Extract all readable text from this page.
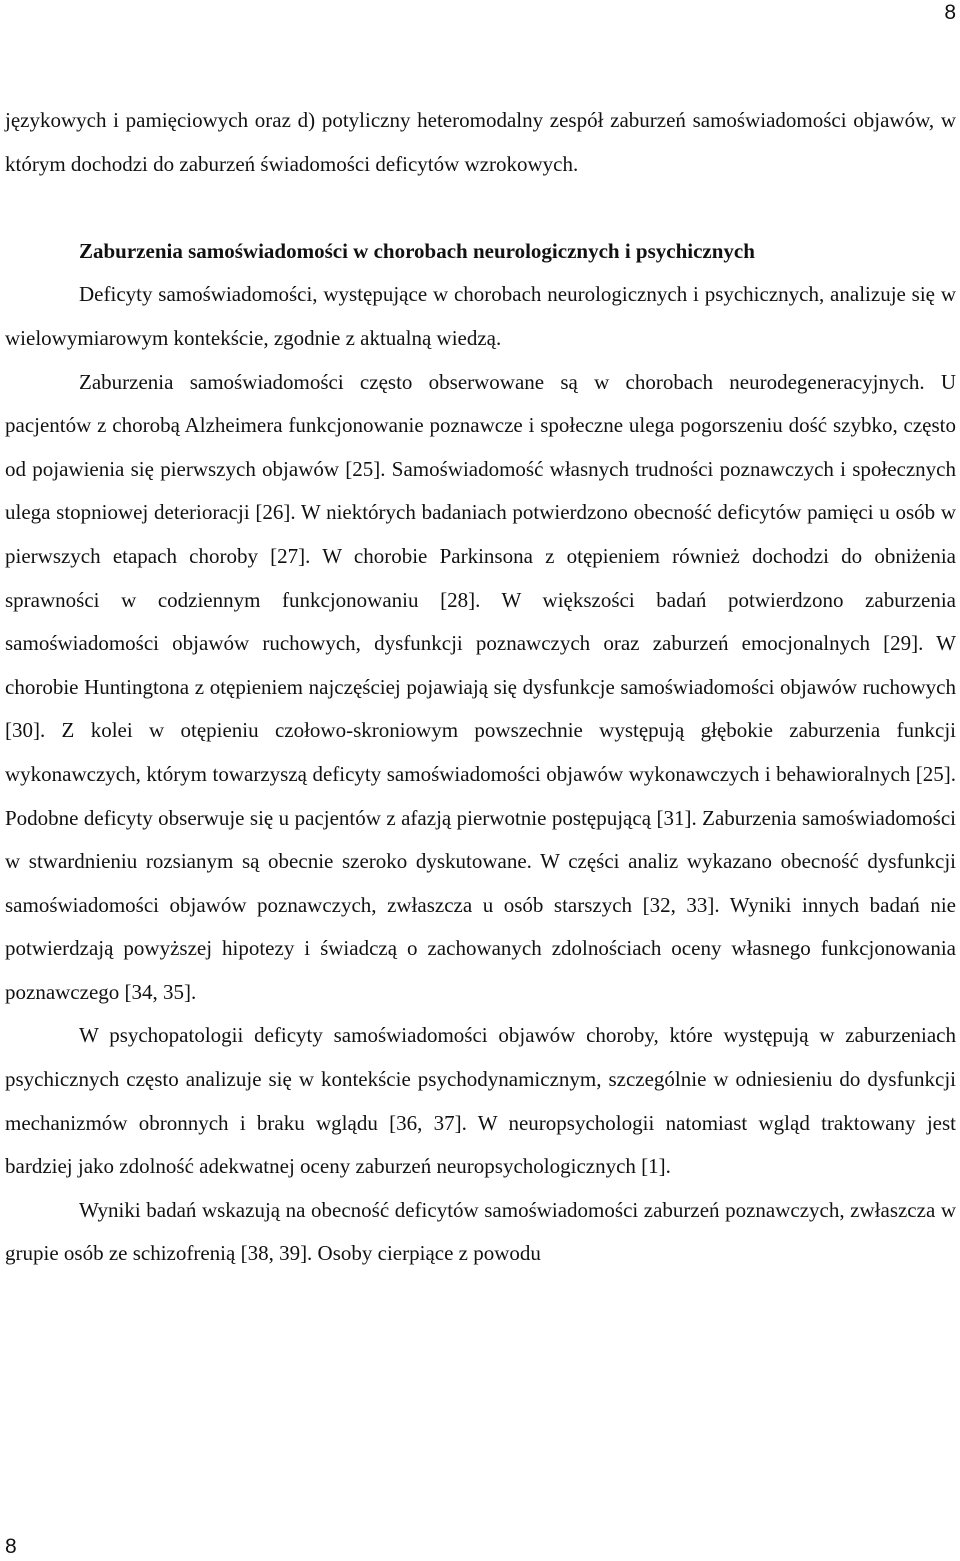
8

językowych i pamięciowych oraz d) potyliczny heteromodalny zespół zaburzeń samoświadomości objawów, w którym dochodzi do zaburzeń świadomości deficytów wzrokowych.

Zaburzenia samoświadomości w chorobach neurologicznych i psychicznych

Deficyty samoświadomości, występujące w chorobach neurologicznych i psychicznych, analizuje się w wielowymiarowym kontekście, zgodnie z aktualną wiedzą.

Zaburzenia samoświadomości często obserwowane są w chorobach neurodegeneracyjnych. U pacjentów z chorobą Alzheimera funkcjonowanie poznawcze i społeczne ulega pogorszeniu dość szybko, często od pojawienia się pierwszych objawów [25]. Samoświadomość własnych trudności poznawczych i społecznych ulega stopniowej deterioracji [26]. W niektórych badaniach potwierdzono obecność deficytów pamięci u osób w pierwszych etapach choroby [27]. W chorobie Parkinsona z otępieniem również dochodzi do obniżenia sprawności w codziennym funkcjonowaniu [28]. W większości badań potwierdzono zaburzenia samoświadomości objawów ruchowych, dysfunkcji poznawczych oraz zaburzeń emocjonalnych [29]. W chorobie Huntingtona z otępieniem najczęściej pojawiają się dysfunkcje samoświadomości objawów ruchowych [30]. Z kolei w otępieniu czołowo-skroniowym powszechnie występują głębokie zaburzenia funkcji wykonawczych, którym towarzyszą deficyty samoświadomości objawów wykonawczych i behawioralnych [25]. Podobne deficyty obserwuje się u pacjentów z afazją pierwotnie postępującą [31]. Zaburzenia samoświadomości w stwardnieniu rozsianym są obecnie szeroko dyskutowane. W części analiz wykazano obecność dysfunkcji samoświadomości objawów poznawczych, zwłaszcza u osób starszych [32, 33]. Wyniki innych badań nie potwierdzają powyższej hipotezy i świadczą o zachowanych zdolnościach oceny własnego funkcjonowania poznawczego [34, 35].

W psychopatologii deficyty samoświadomości objawów choroby, które występują w zaburzeniach psychicznych często analizuje się w kontekście psychodynamicznym, szczególnie w odniesieniu do dysfunkcji mechanizmów obronnych i braku wglądu [36, 37]. W neuropsychologii natomiast wgląd traktowany jest bardziej jako zdolność adekwatnej oceny zaburzeń neuropsychologicznych [1].

Wyniki badań wskazują na obecność deficytów samoświadomości zaburzeń poznawczych, zwłaszcza w grupie osób ze schizofrenią [38, 39]. Osoby cierpiące z powodu

8
